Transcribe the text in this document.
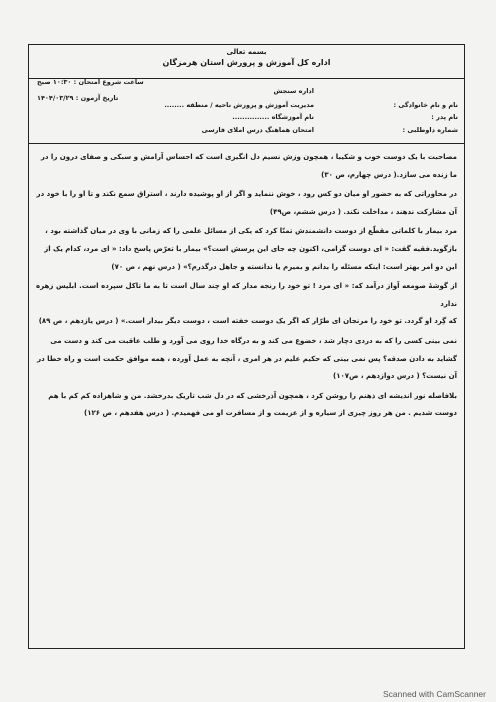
بسمه تعالی
اداره کل آموزش و پرورش استان هرمزگان
اداره سنجش
ساعت شروع امتحان : ۱۰:۳۰ صبح
تاریخ آزمون : ۱۴۰۴/۰۳/۲۹
نام و نام خانوادگی :
مدیریت آموزش و پرورش ناحیه / منطقه ........
نام پدر :
نام آموزشگاه ...............
شماره داوطلبی :
امتحان هماهنگ درس املای فارسی

مصاحبت با یک دوست خوب و شکیبا ، همچون وزش نسیم دل انگیزی است که احساس آرامش و سبکی و صفای درون را در
ما زنده می سازد.( درس چهارم، ص ۳۰)

در محاوراتی که به حضور او میان دو کس رود ، خوش ننماید و اگر از او پوشیده دارند ، استراق سمع نکند و تا او را با خود در
آن مشارکت ندهند ، مداخلت نکند. ( درس ششم، ص۴۹)

مرد بیمار با کلماتی مقطّع از دوست دانشمندش تمنّا کرد که یکی از مسائل علمی را که زمانی با وی در میان گذاشته بود ،
بازگوید.فقیه گفت: « ای دوست گرامی، اکنون چه جای این پرسش است؟» بیمار با تعرّض پاسخ داد: « ای مرد، کدام یک از
این دو امر بهتر است: اینکه مسئله را بدانم و بمیرم یا ندانسته و جاهل درگذرم؟» ( درس نهم ، ص ۷۰)

از گوشهٔ صومعه آواز درآمد که: « ای مرد ! تو خود را رنجه مدار که او چند سال است تا به ما تاکل سپرده است. ابلیس زهره ندارد
که گِرد او گردد. تو خود را مرنجان ای طرّار که اگر یک دوست خفته است ، دوست دیگر بیدار است.» ( درس یازدهم ، ص ۸۹)

نمی بینی کسی را که به دردی دچار شد ، خضوع می کند و به درگاه خدا روی می آورد و طلب عاقبت می کند و دست می
گشاید به دادن صدقه؟ پس نمی بینی که حکیم علیم در هر امری ، آنچه به عمل آورده ، همه موافق حکمت است و راه خطا در
آن نیست؟ ( درس دوازدهم ، ص۱۰۷)

بلافاصله نور اندیشه ای ذهنم را روشن کرد ، همچون آذرخشی که در دل شب تاریک بدرخشد. من و شاهزاده کم کم با هم
دوست شدیم . من هر روز چیزی از سیاره و از عزیمت و از مسافرت او می فهمیدم. ( درس هفدهم ، ص ۱۲۶)

Scanned with CamScanner
